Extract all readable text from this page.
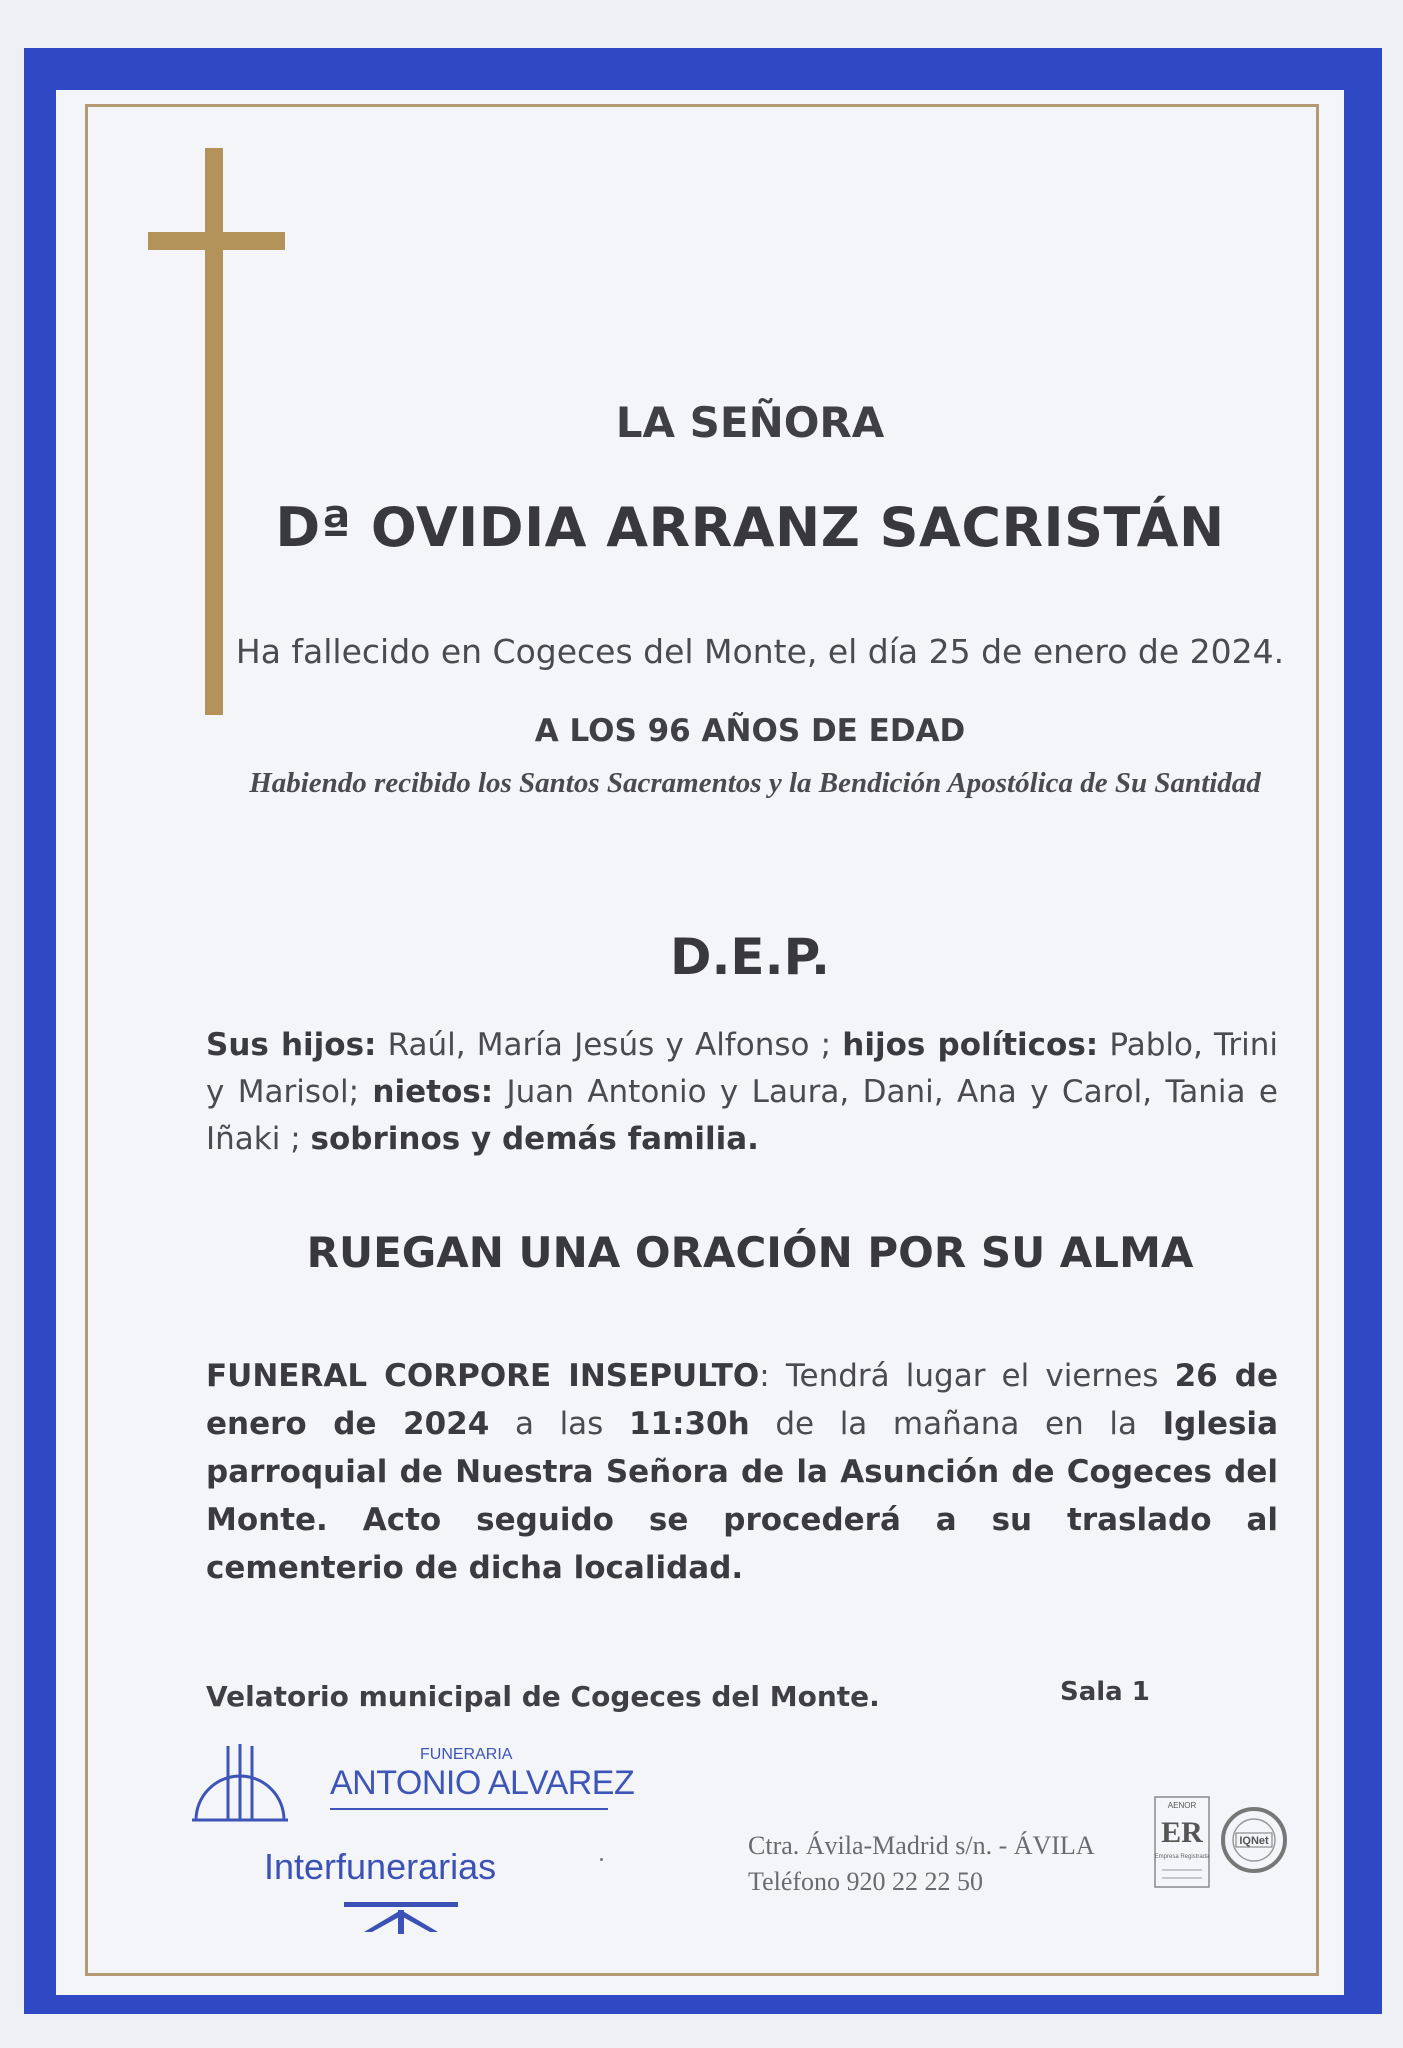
LA SEÑORA
Dª OVIDIA ARRANZ SACRISTÁN
Ha fallecido en Cogeces del Monte, el día 25 de enero de 2024.
A LOS 96 AÑOS DE EDAD
Habiendo recibido los Santos Sacramentos y la Bendición Apostólica de Su Santidad
D.E.P.
Sus hijos: Raúl, María Jesús y Alfonso ; hijos políticos: Pablo, Trini y Marisol; nietos: Juan Antonio y Laura, Dani, Ana y Carol, Tania e Iñaki ; sobrinos y demás familia.
RUEGAN UNA ORACIÓN POR SU ALMA
FUNERAL CORPORE INSEPULTO: Tendrá lugar el viernes 26 de enero de 2024 a las 11:30h de la mañana en la Iglesia parroquial de Nuestra Señora de la Asunción de Cogeces del Monte. Acto seguido se procederá a su traslado al cementerio de dicha localidad.
Velatorio municipal de Cogeces del Monte.	Sala 1
FUNERARIA
ANTONIO ALVAREZ
Interfunerarias
Ctra. Ávila-Madrid s/n. - ÁVILA
Teléfono 920 22 22 50
AENOR
ER
Empresa Registrada
IQNet
